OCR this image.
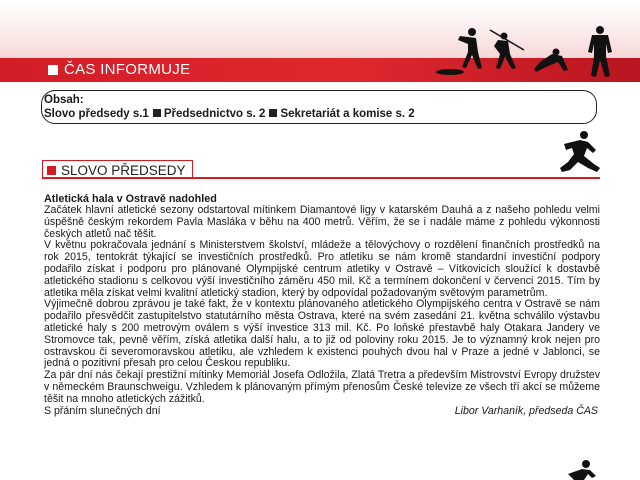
ČAS INFORMUJE
Obsah:
Slovo předsedy s.1 Předsednictvo s. 2 Sekretariát a komise s. 2
SLOVO PŘEDSEDY
Atletická hala v Ostravě nadohled

Začátek hlavní atletické sezony odstartoval mítinkem Diamantové ligy v katarském Dauhá a z našeho pohledu velmi úspěšně českým rekordem Pavla Masláka v běhu na 400 metrů. Věřím, že se i nadále máme z pohledu výkonnosti českých atletů nač těšit.

V květnu pokračovala jednání s Ministerstvem školství, mládeže a tělovýchovy o rozdělení finančních prostředků na rok 2015, tentokrát týkající se investičních prostředků. Pro atletiku se nám kromě standardní investiční podpory podařilo získat i podporu pro plánované Olympijské centrum atletiky v Ostravě – Vítkovicích sloužící k dostavbě atletického stadionu s celkovou výší investičního záměru 450 mil. Kč a termínem dokončení v červenci 2015. Tím by atletika měla získat velmi kvalitní atletický stadion, který by odpovídal požadovaným světovým parametrům.

Výjimečně dobrou zprávou je také fakt, že v kontextu plánovaného atletického Olympijského centra v Ostravě se nám podařilo přesvědčit zastupitelstvo statutárního města Ostrava, které na svém zasedání 21. května schválilo výstavbu atletické haly s 200 metrovým oválem s výší investice 313 mil. Kč. Po loňské přestavbě haly Otakara Jandery ve Stromovce tak, pevně věřím, získá atletika další halu, a to již od poloviny roku 2015. Je to významný krok nejen pro ostravskou či severomoravskou atletiku, ale vzhledem k existenci pouhých dvou hal v Praze a jedné v Jablonci, se jedná o pozitivní přesah pro celou Českou republiku.

Za pár dní nás čekají prestižní mítinky Memoriál Josefa Odložila, Zlatá Tretra a především Mistrovství Evropy družstev v německém Braunschweigu. Vzhledem k plánovaným přímým přenosům České televize ze všech tří akcí se můžeme těšit na mnoho atletických zážitků.

S přáním slunečných dní	Libor Varhaník, předseda ČAS
